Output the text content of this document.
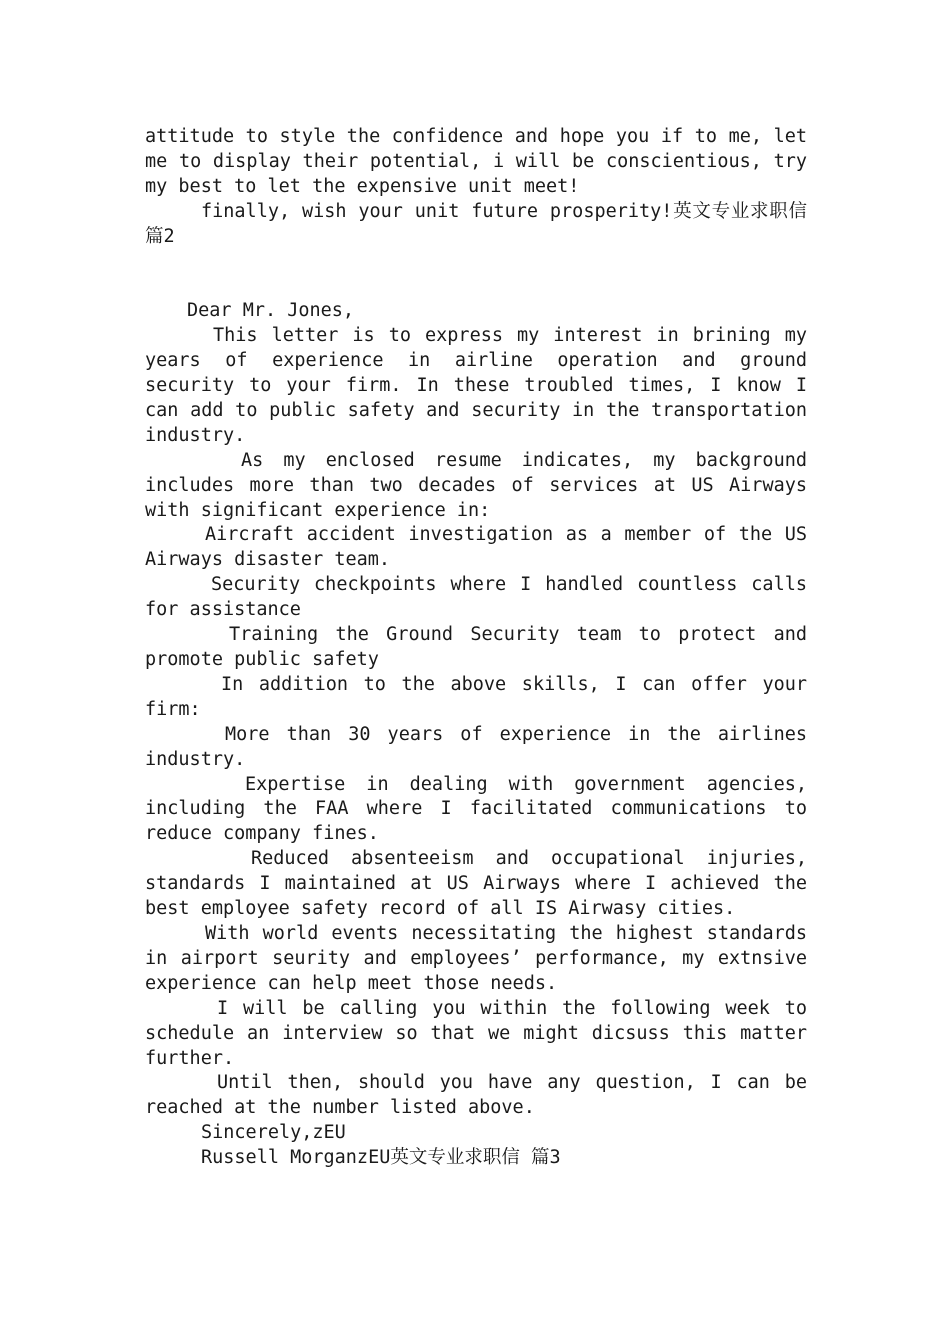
attitude to style the confidence and hope you if to me, let me to display their potential, i will be conscientious, try my best to let the expensive unit meet!

finally, wish your unit future prosperity!英文专业求职信 篇2

Dear Mr. Jones,

This letter is to express my interest in brining my years of experience in airline operation and ground security to your firm. In these troubled times, I know I can add to public safety and security in the transportation industry.

As my enclosed resume indicates, my background includes more than two decades of services at US Airways with significant experience in:

Aircraft accident investigation as a member of the US Airways disaster team.

Security checkpoints where I handled countless calls for assistance

Training the Ground Security team to protect and promote public safety

In addition to the above skills, I can offer your firm:

More than 30 years of experience in the airlines industry.

Expertise in dealing with government agencies, including the FAA where I facilitated communications to reduce company fines.

Reduced absenteeism and occupational injuries, standards I maintained at US Airways where I achieved the best employee safety record of all IS Airwasy cities.

With world events necessitating the highest standards in airport seurity and employees’ performance, my extnsive experience can help meet those needs.

I will be calling you within the following week to schedule an interview so that we might dicsuss this matter further.

Until then, should you have any question, I can be reached at the number listed above.

Sincerely,zEU

Russell MorganzEU英文专业求职信 篇3
